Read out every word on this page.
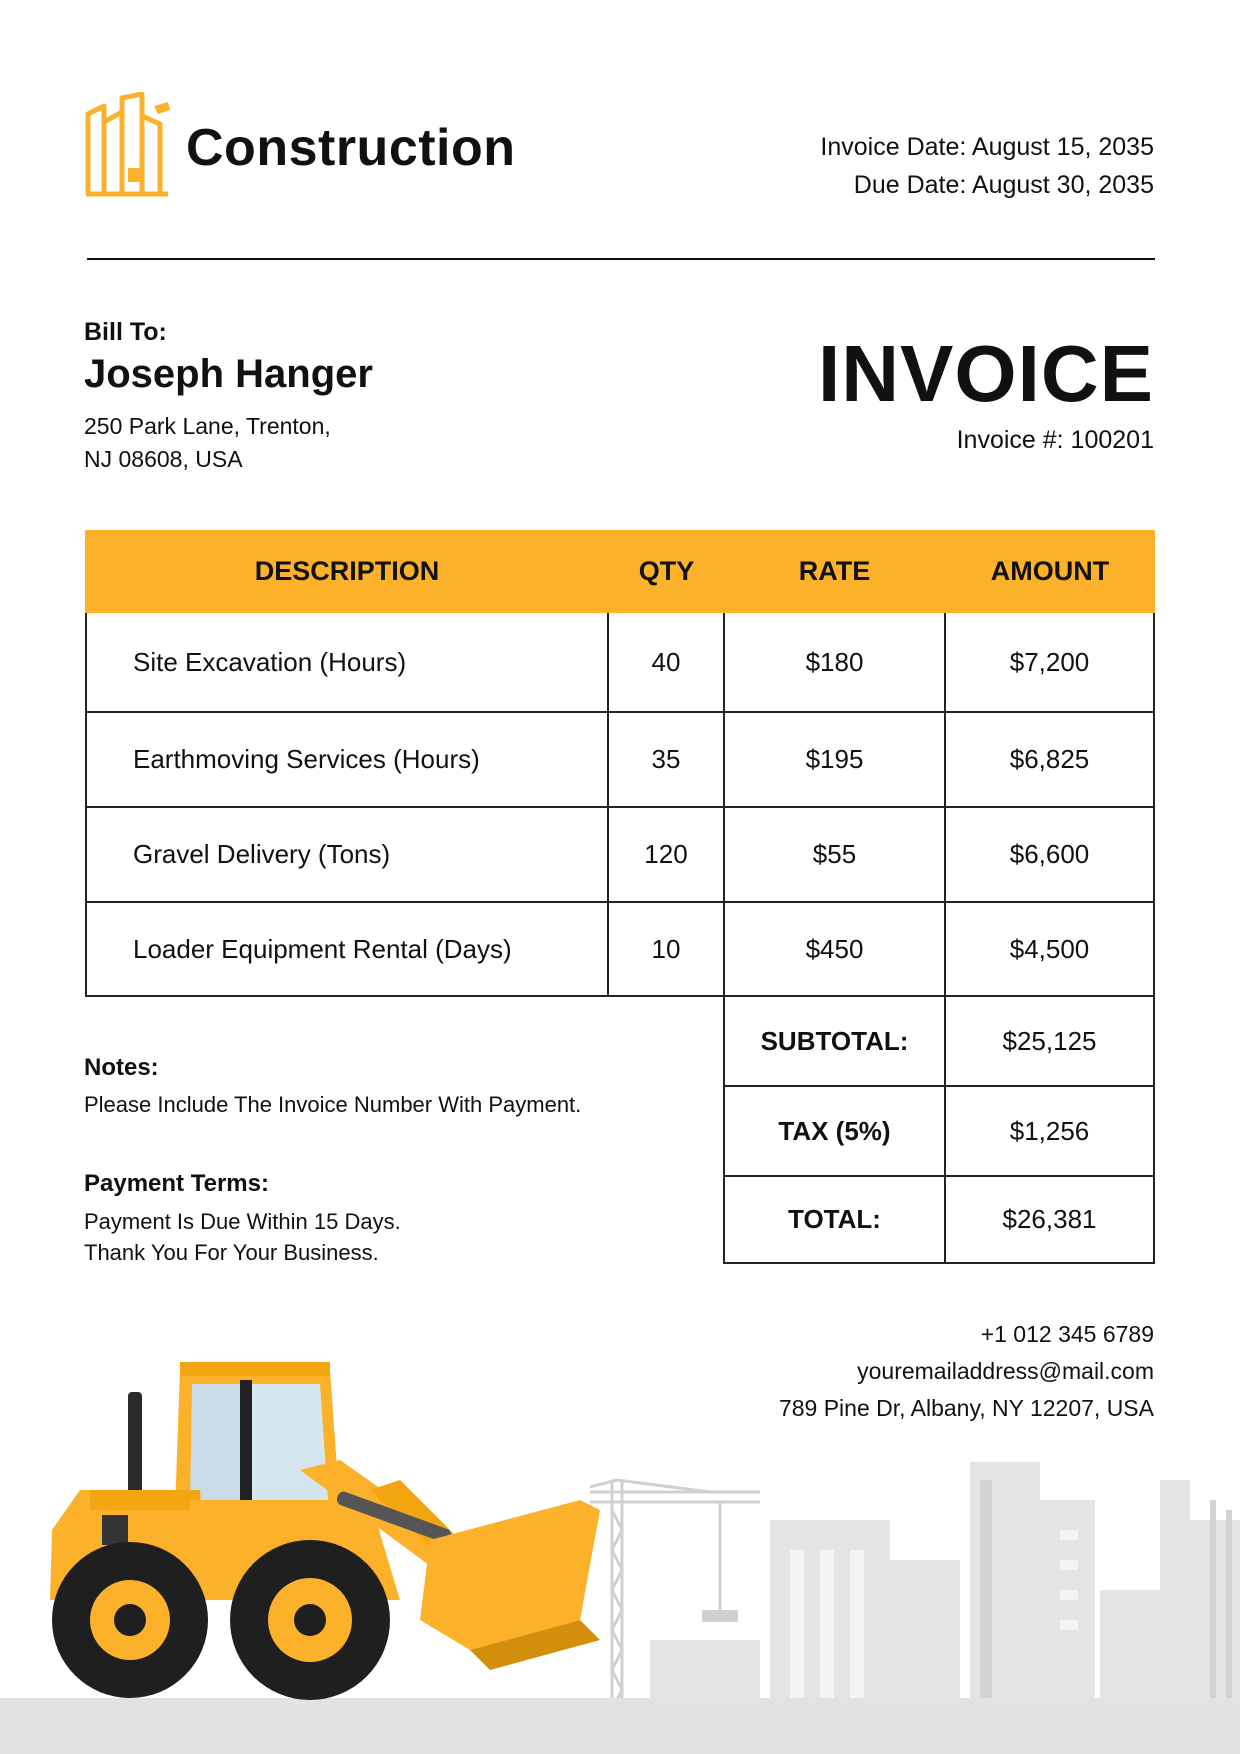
Construction	Invoice Date: August 15, 2035
Due Date: August 30, 2035
Bill To:
Joseph Hanger
250 Park Lane, Trenton,
NJ 08608, USA
INVOICE
Invoice #: 100201
DESCRIPTION	QTY	RATE	AMOUNT
Site Excavation (Hours)	40	$180	$7,200
Earthmoving Services (Hours)	35	$195	$6,825
Gravel Delivery (Tons)	120	$55	$6,600
Loader Equipment Rental (Days)	10	$450	$4,500
SUBTOTAL:	$25,125
TAX (5%)	$1,256
TOTAL:	$26,381
Notes:
Please Include The Invoice Number With Payment.
Payment Terms:
Payment Is Due Within 15 Days.
Thank You For Your Business.
+1 012 345 6789
youremailaddress@mail.com
789 Pine Dr, Albany, NY 12207, USA
